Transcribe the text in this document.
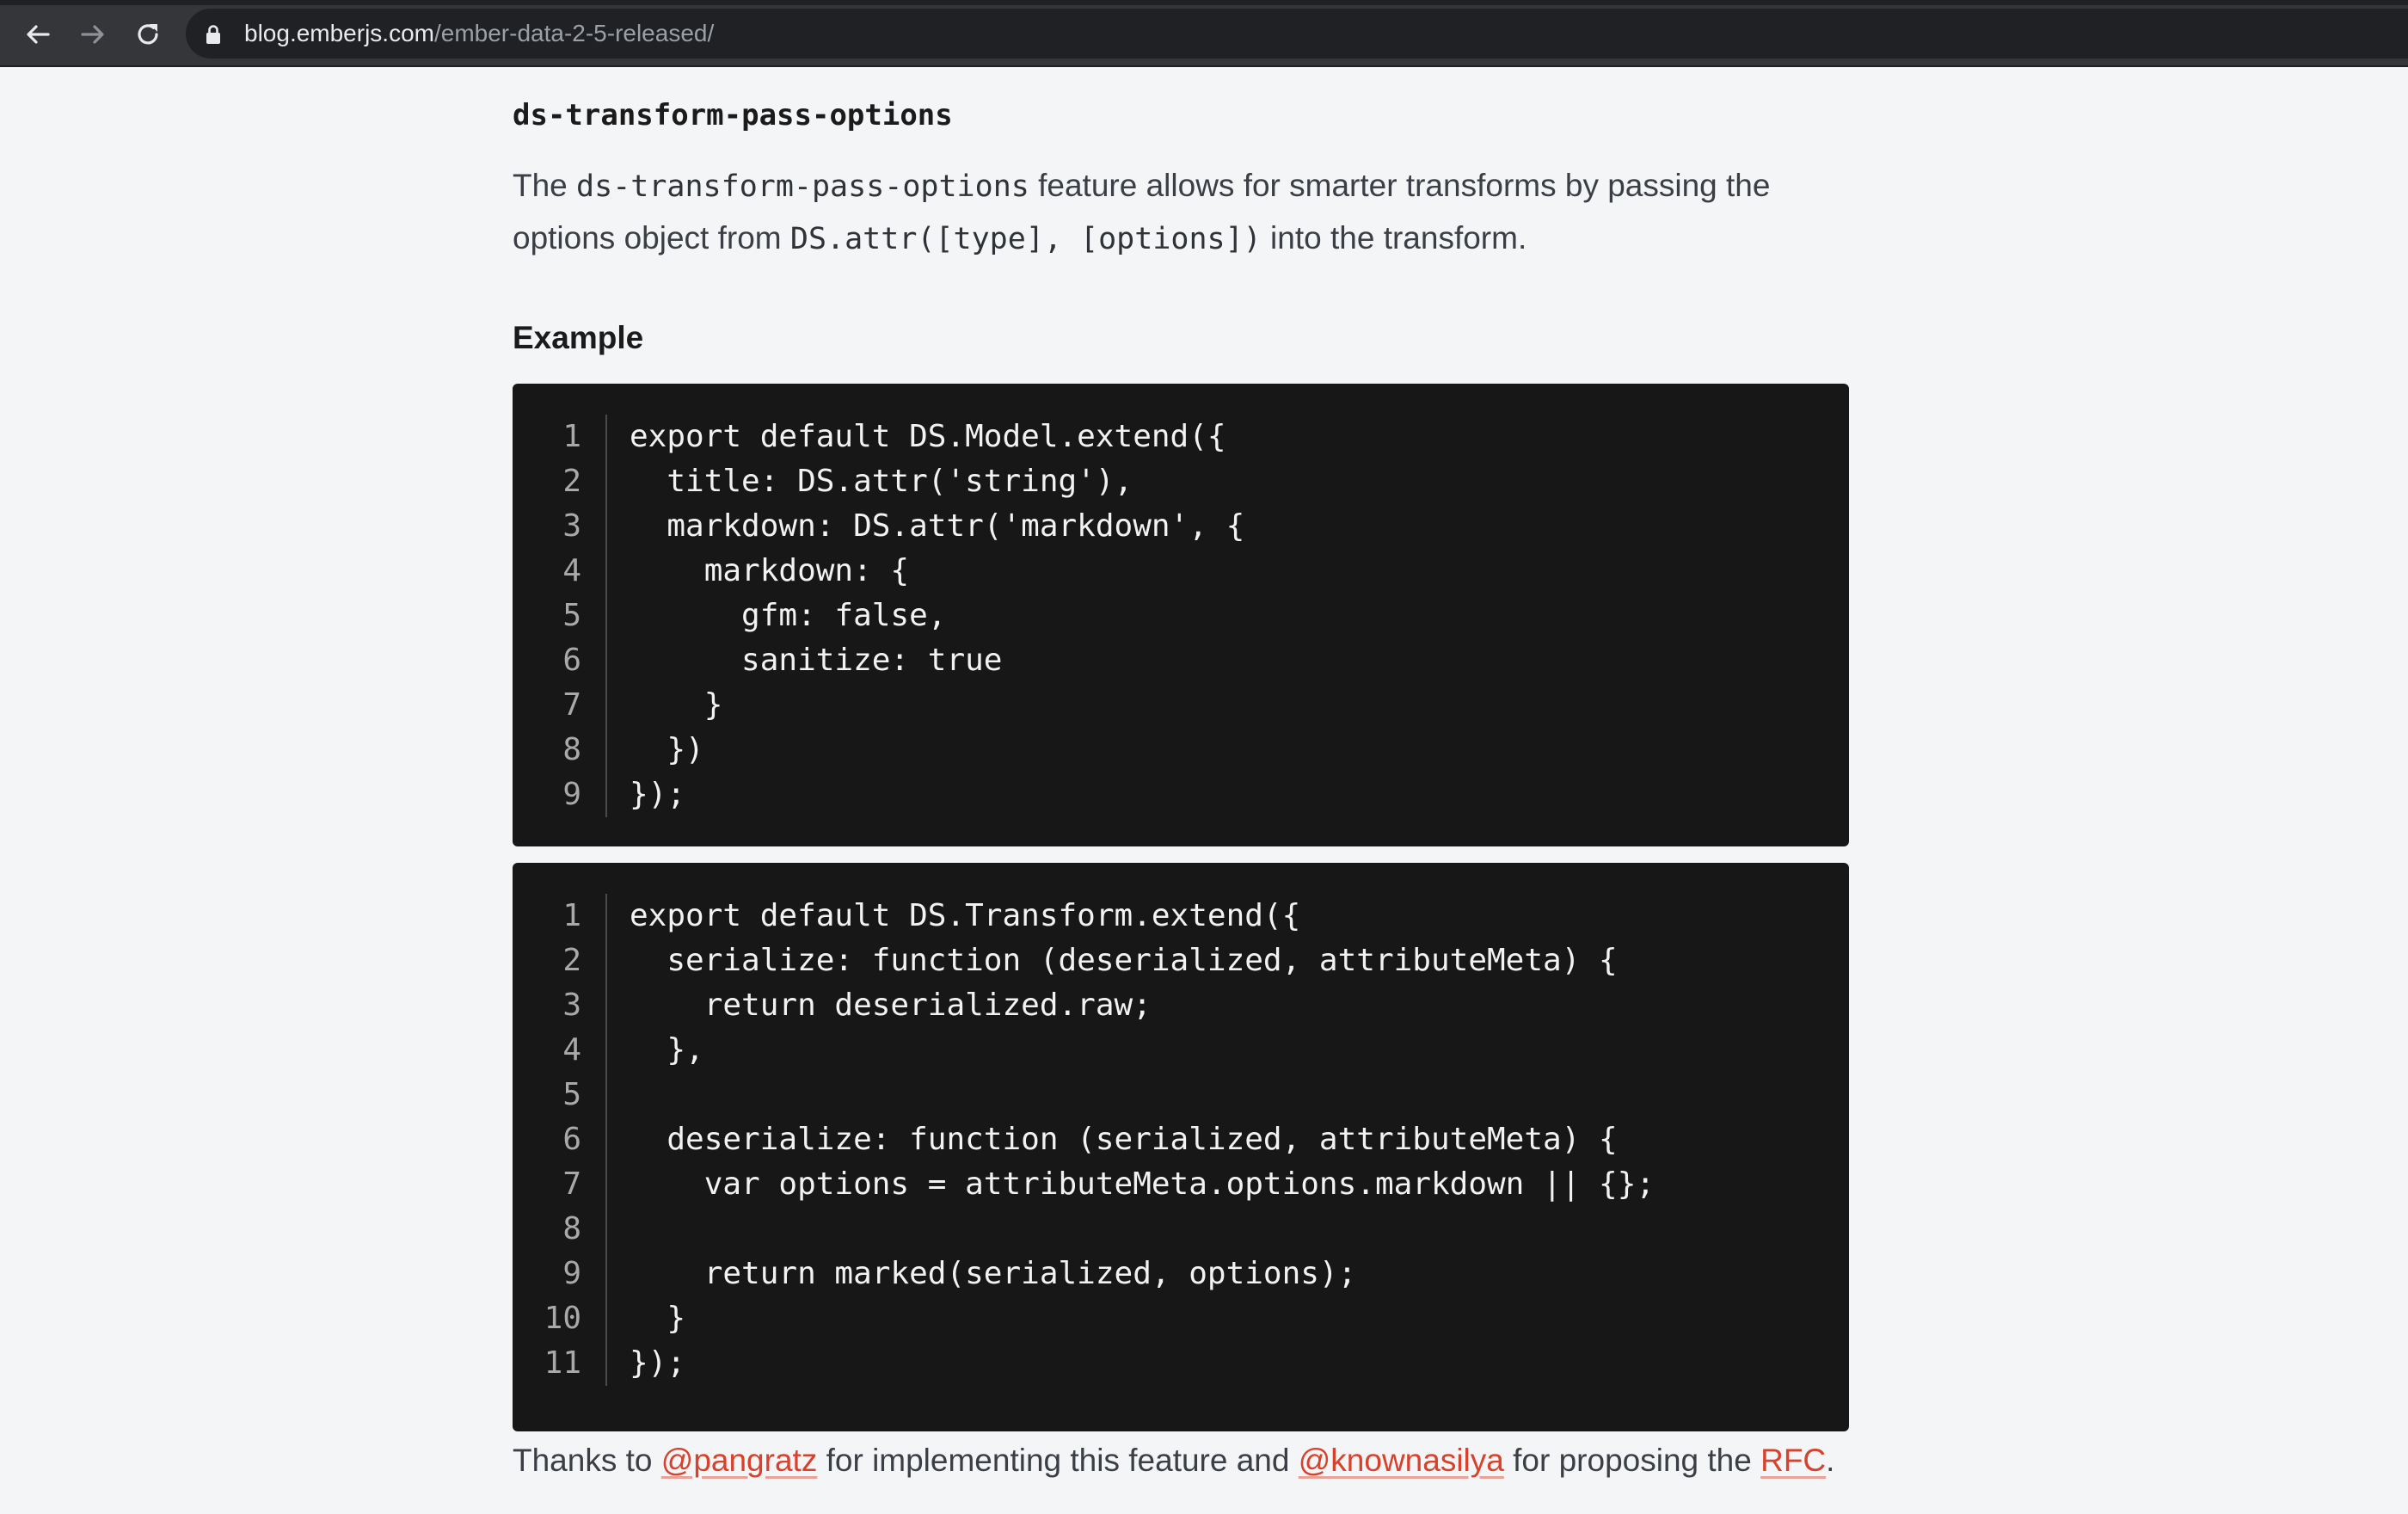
blog.emberjs.com/ember-data-2-5-released/
ds-transform-pass-options

The ds-transform-pass-options feature allows for smarter transforms by passing the options object from DS.attr([type], [options]) into the transform.

Example
1
2
3
4
5
6
7
8
9
export default DS.Model.extend({
title: DS.attr('string'),
markdown: DS.attr('markdown', {
markdown: {
gfm: false,
sanitize: true
}
})
});
1
2
3
4
5
6
7
8
9
10
11
export default DS.Transform.extend({
serialize: function (deserialized, attributeMeta) {
return deserialized.raw;
},

deserialize: function (serialized, attributeMeta) {
var options = attributeMeta.options.markdown || {};

return marked(serialized, options);
}
});

Thanks to @pangratz for implementing this feature and @knownasilya for proposing the RFC.
